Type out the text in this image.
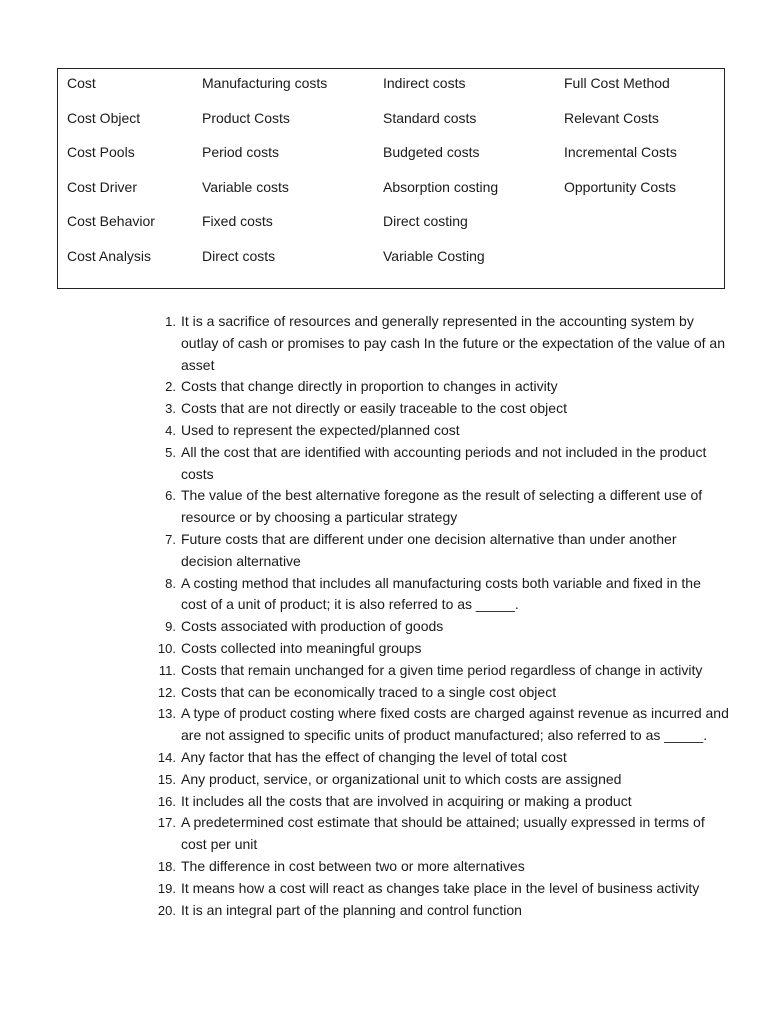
Cost
Cost Object
Cost Pools
Cost Driver
Cost Behavior
Cost Analysis
Manufacturing costs
Product Costs
Period costs
Variable costs
Fixed costs
Direct costs
Indirect costs
Standard costs
Budgeted costs
Absorption costing
Direct costing
Variable Costing
Full Cost Method
Relevant Costs
Incremental Costs
Opportunity Costs
1. It is a sacrifice of resources and generally represented in the accounting system by outlay of cash or promises to pay cash In the future or the expectation of the value of an asset
2. Costs that change directly in proportion to changes in activity
3. Costs that are not directly or easily traceable to the cost object
4. Used to represent the expected/planned cost
5. All the cost that are identified with accounting periods and not included in the product costs
6. The value of the best alternative foregone as the result of selecting a different use of resource or by choosing a particular strategy
7. Future costs that are different under one decision alternative than under another decision alternative
8. A costing method that includes all manufacturing costs both variable and fixed in the cost of a unit of product; it is also referred to as _____.
9. Costs associated with production of goods
10. Costs collected into meaningful groups
11. Costs that remain unchanged for a given time period regardless of change in activity
12. Costs that can be economically traced to a single cost object
13. A type of product costing where fixed costs are charged against revenue as incurred and are not assigned to specific units of product manufactured; also referred to as _____.
14. Any factor that has the effect of changing the level of total cost
15. Any product, service, or organizational unit to which costs are assigned
16. It includes all the costs that are involved in acquiring or making a product
17. A predetermined cost estimate that should be attained; usually expressed in terms of cost per unit
18. The difference in cost between two or more alternatives
19. It means how a cost will react as changes take place in the level of business activity
20. It is an integral part of the planning and control function
